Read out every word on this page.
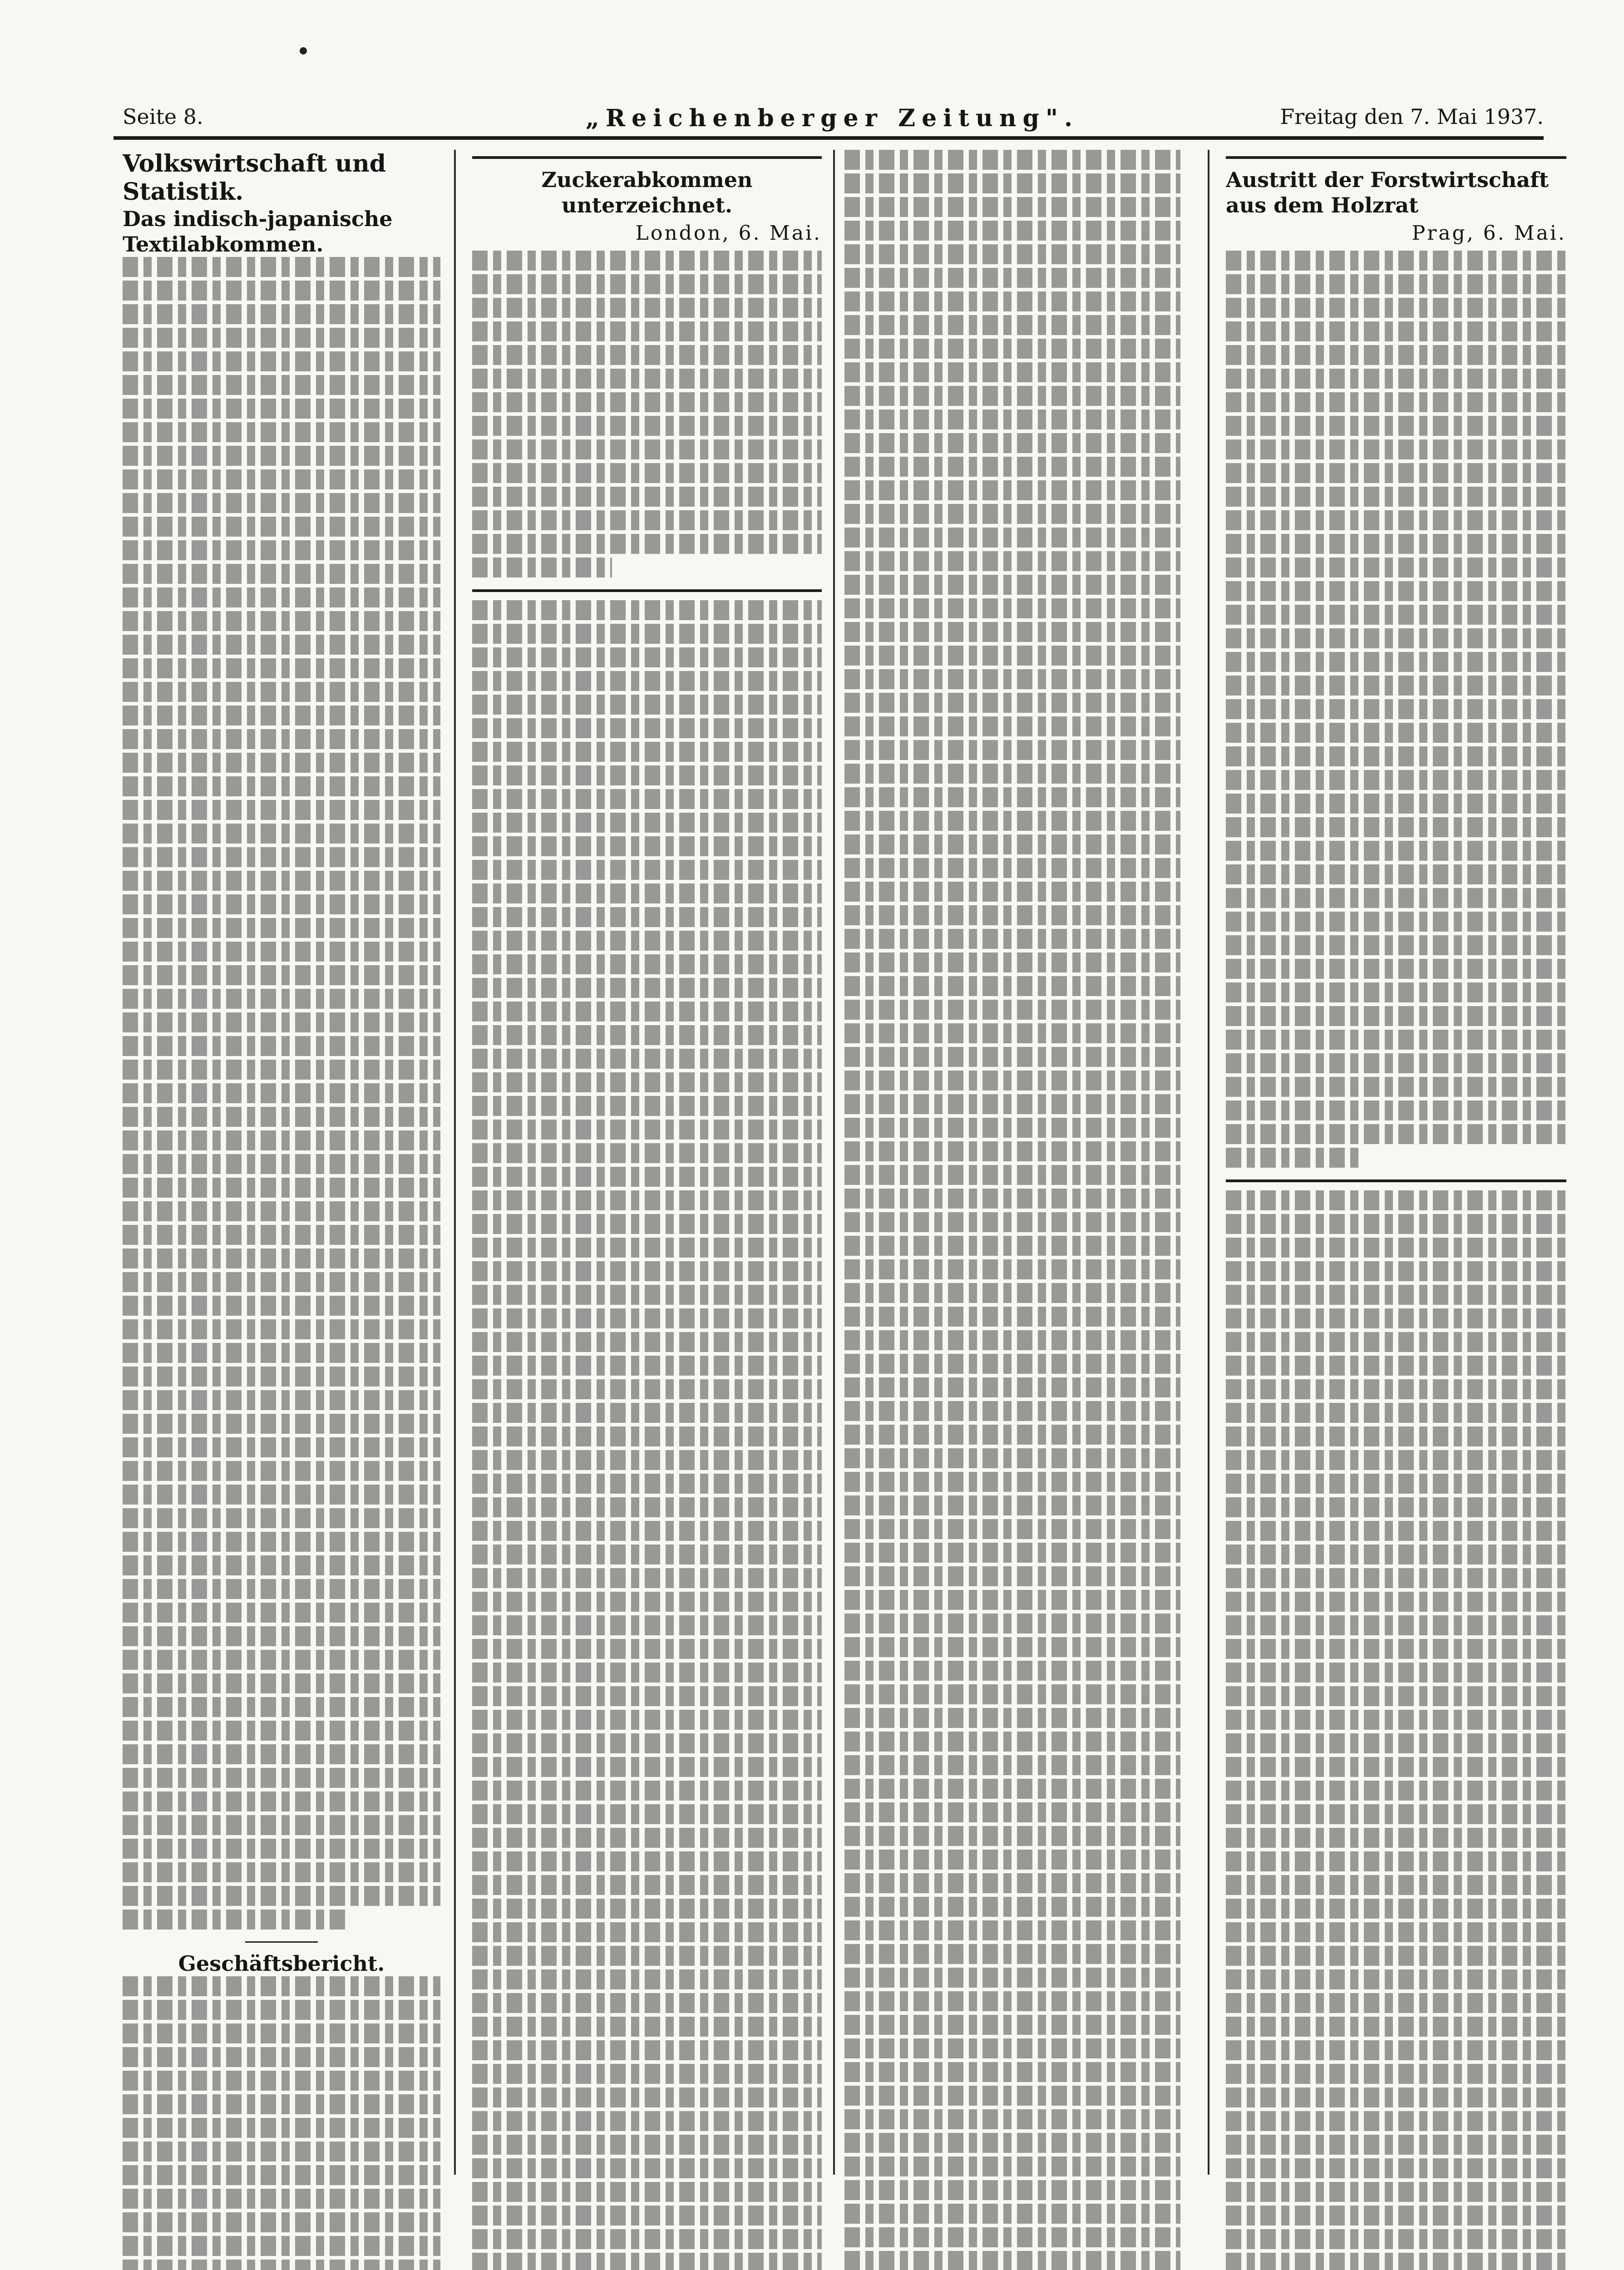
Seite 8.	„Reichenberger Zeitung".	Freitag den 7. Mai 1937.
Volkswirtschaft und Statistik.
Das indisch-japanische Textilabkommen.
Geschäftsbericht.
Zuckerabkommen unterzeichnet.
London, 6. Mai.
Austritt der Forstwirtschaft aus dem Holzrat
Prag, 6. Mai.
